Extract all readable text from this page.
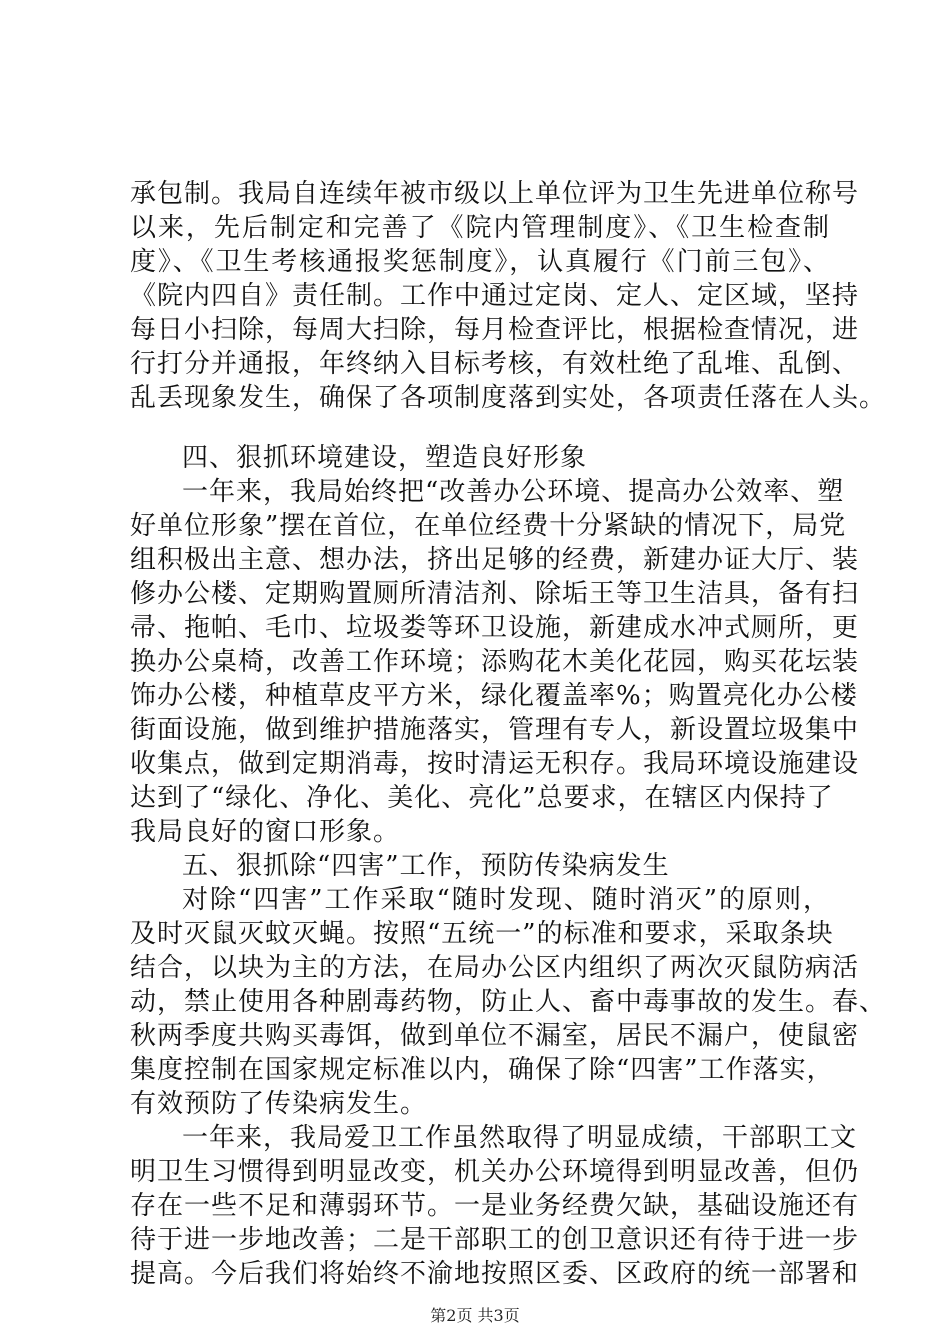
承包制。我局自连续年被市级以上单位评为卫生先进单位称号
以来，先后制定和完善了《院内管理制度》、《卫生检查制
度》、《卫生考核通报奖惩制度》，认真履行《门前三包》、
《院内四自》责任制。工作中通过定岗、定人、定区域，坚持
每日小扫除，每周大扫除，每月检查评比，根据检查情况，进
行打分并通报，年终纳入目标考核，有效杜绝了乱堆、乱倒、
乱丢现象发生，确保了各项制度落到实处，各项责任落在人头。
四、狠抓环境建设，塑造良好形象
一年来，我局始终把“改善办公环境、提高办公效率、塑
好单位形象”摆在首位，在单位经费十分紧缺的情况下，局党
组积极出主意、想办法，挤出足够的经费，新建办证大厅、装
修办公楼、定期购置厕所清洁剂、除垢王等卫生洁具，备有扫
帚、拖帕、毛巾、垃圾娄等环卫设施，新建成水冲式厕所，更
换办公桌椅，改善工作环境；添购花木美化花园，购买花坛装
饰办公楼，种植草皮平方米，绿化覆盖率%；购置亮化办公楼
街面设施，做到维护措施落实，管理有专人，新设置垃圾集中
收集点，做到定期消毒，按时清运无积存。我局环境设施建设
达到了“绿化、净化、美化、亮化”总要求，在辖区内保持了
我局良好的窗口形象。
五、狠抓除“四害”工作，预防传染病发生
对除“四害”工作采取“随时发现、随时消灭”的原则，
及时灭鼠灭蚊灭蝇。按照“五统一”的标准和要求，采取条块
结合，以块为主的方法，在局办公区内组织了两次灭鼠防病活
动，禁止使用各种剧毒药物，防止人、畜中毒事故的发生。春、
秋两季度共购买毒饵，做到单位不漏室，居民不漏户，使鼠密
集度控制在国家规定标准以内，确保了除“四害”工作落实，
有效预防了传染病发生。
一年来，我局爱卫工作虽然取得了明显成绩，干部职工文
明卫生习惯得到明显改变，机关办公环境得到明显改善，但仍
存在一些不足和薄弱环节。一是业务经费欠缺，基础设施还有
待于进一步地改善；二是干部职工的创卫意识还有待于进一步
提高。今后我们将始终不渝地按照区委、区政府的统一部署和
第2页 共3页
